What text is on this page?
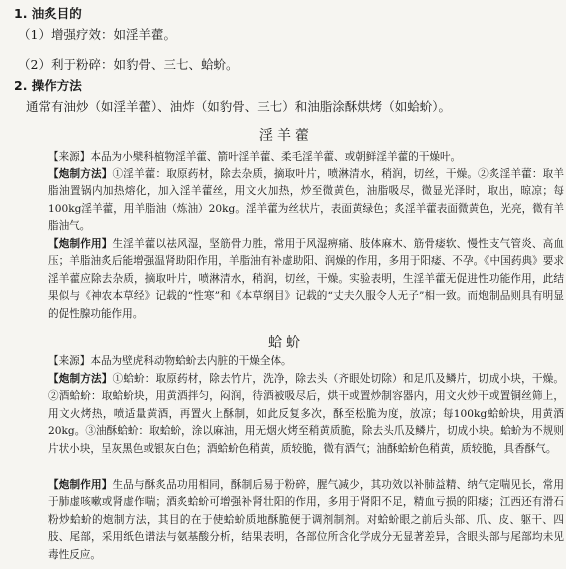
1. 油炙目的
（1）增强疗效：如淫羊藿。
（2）利于粉碎：如豹骨、三七、蛤蚧。
2. 操作方法
通常有油炒（如淫羊藿）、油炸（如豹骨、三七）和油脂涂酥烘烤（如蛤蚧）。
淫羊藿

【来源】本品为小檗科植物淫羊藿、箭叶淫羊藿、柔毛淫羊藿、或朝鲜淫羊藿的干燥叶。

【炮制方法】①淫羊藿：取原药材，除去杂质，摘取叶片，喷淋清水，稍润，切丝，干燥。②炙淫羊藿：取羊脂油置锅内加热熔化，加入淫羊藿丝，用文火加热，炒至微黄色，油脂吸尽，微显光泽时，取出，晾凉；每100kg淫羊藿，用羊脂油（炼油）20kg。淫羊藿为丝状片，表面黄绿色；炙淫羊藿表面微黄色，光亮，微有羊脂油气。

【炮制作用】生淫羊藿以祛风湿，坚筋骨力胜，常用于风湿痹痛、肢体麻木、筋骨痿软、慢性支气管炎、高血压；羊脂油炙后能增强温肾助阳作用，羊脂油有补虚助阳、润燥的作用，多用于阳痿、不孕。《中国药典》要求淫羊藿应除去杂质，摘取叶片，喷淋清水，稍润，切丝，干燥。实验表明，生淫羊藿无促进性功能作用，此结果似与《神农本草经》记载的“性寒”和《本草纲目》记载的“丈夫久服令人无子”相一致。而炮制品则具有明显的促性腺功能作用。

蛤蚧

【来源】本品为壁虎科动物蛤蚧去内脏的干燥全体。

【炮制方法】①蛤蚧：取原药材，除去竹片，洗净，除去头（齐眼处切除）和足爪及鳞片，切成小块，干燥。②酒蛤蚧：取蛤蚧块，用黄酒拌匀，闷润，待酒被吸尽后，烘干或置炒制容器内，用文火炒干或置铜丝筛上，用文火烤热，喷适量黄酒，再置火上酥制，如此反复多次，酥至松脆为度，放凉；每100kg蛤蚧块，用黄酒20kg。③油酥蛤蚧：取蛤蚧，涂以麻油，用无烟火烤至稍黄质脆，除去头爪及鳞片，切成小块。蛤蚧为不规则片状小块，呈灰黑色或银灰白色；酒蛤蚧色稍黄，质较脆，微有酒气；油酥蛤蚧色稍黄，质较脆，具香酥气。

【炮制作用】生品与酥炙品功用相同，酥制后易于粉碎，腥气减少，其功效以补肺益精、纳气定喘见长，常用于肺虚咳嗽或肾虚作喘；酒炙蛤蚧可增强补肾壮阳的作用，多用于肾阳不足，精血亏损的阳痿；江西还有滑石粉炒蛤蚧的炮制方法，其目的在于使蛤蚧质地酥脆便于调剂制剂。对蛤蚧眼之前后头部、爪、皮、躯干、四肢、尾部，采用纸色谱法与氨基酸分析，结果表明，各部位所含化学成分无显著差异，含眼头部与尾部均未见毒性反应。
